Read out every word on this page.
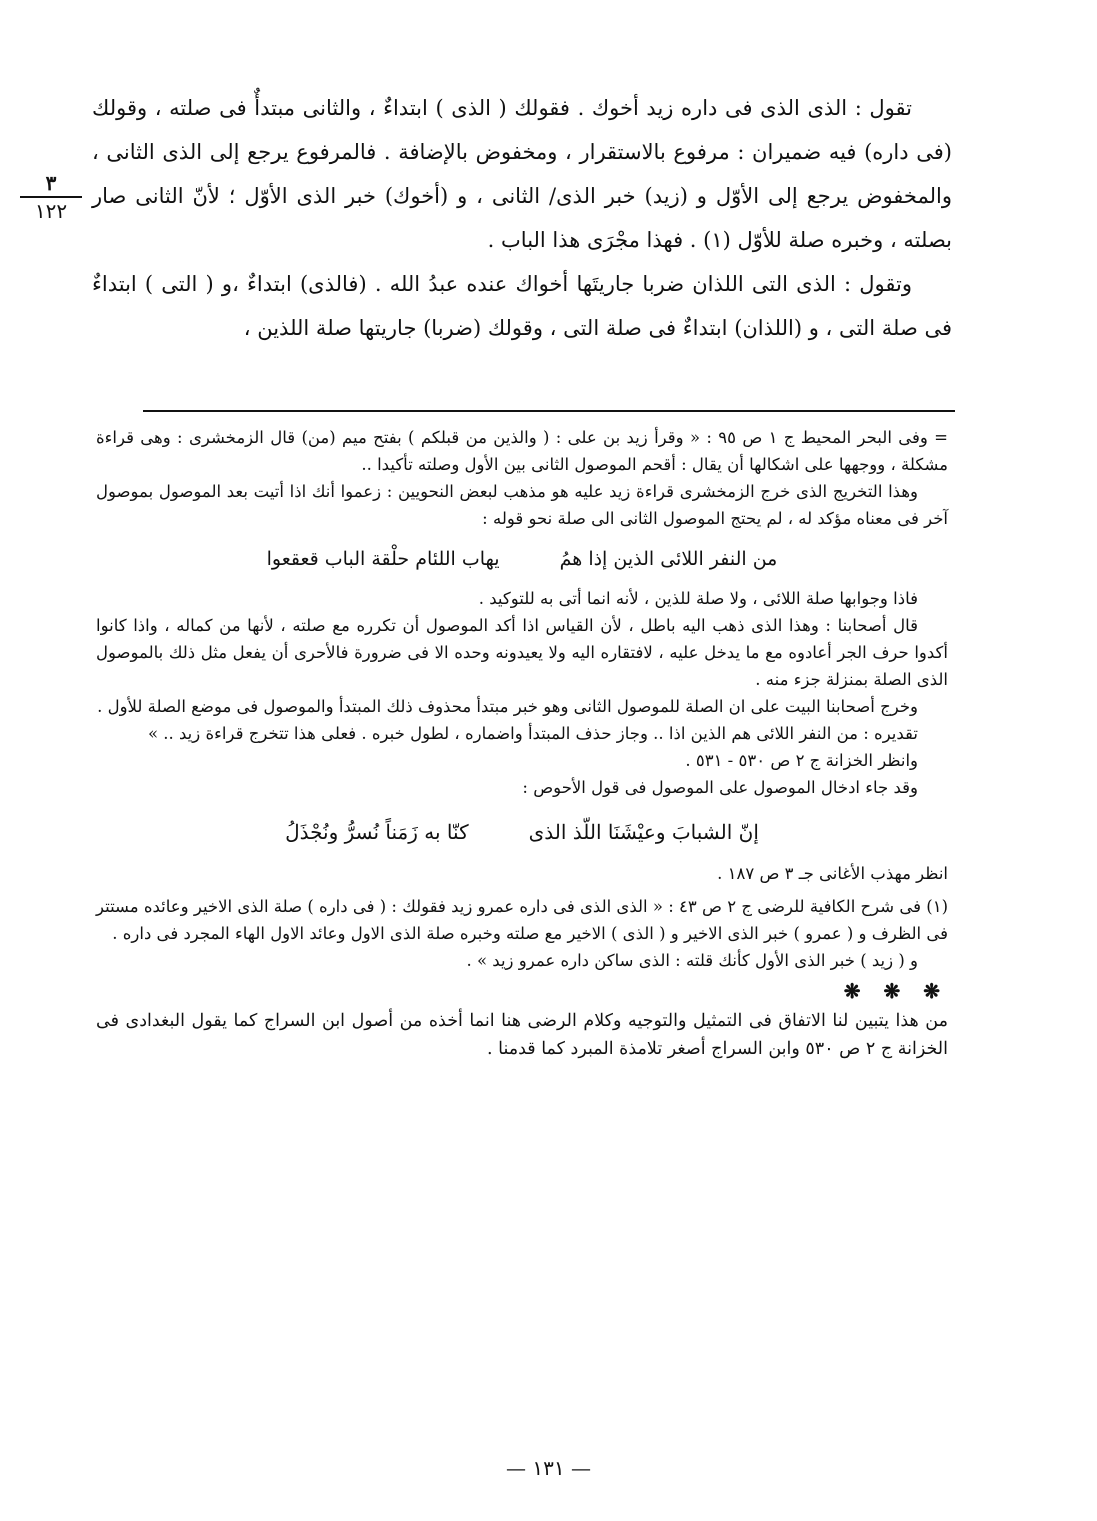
٣
١٢٢

تقول : الذى الذى فى داره زيد أخوك . فقولك ( الذى ) ابتداءٌ ، والثانى مبتدأٌ فى صلته ، وقولك (فى داره) فيه ضميران : مرفوع بالاستقرار ، ومخفوض بالإضافة . فالمرفوع يرجع إلى الذى الثانى ، والمخفوض يرجع إلى الأوّل و (زيد) خبر الذى/ الثانى ، و (أخوك) خبر الذى الأوّل ؛ لأنّ الثانى صار بصلته ، وخبره صلة للأوّل (١) . فهذا مجْرَى هذا الباب .

وتقول : الذى التى اللذان ضربا جاريتَها أخواك عنده عبدُ الله . (فالذى) ابتداءٌ ،و ( التى ) ابتداءٌ فى صلة التى ، و (اللذان) ابتداءٌ فى صلة التى ، وقولك (ضربا) جاريتها صلة اللذين ،

= وفى البحر المحيط ج ١ ص ٩٥ : « وقرأ زيد بن على : ( والذين من قبلكم ) بفتح ميم (من) قال الزمخشرى : وهى قراءة مشكلة ، ووجهها على اشكالها أن يقال : أقحم الموصول الثانى بين الأول وصلته تأكيدا ..

وهذا التخريج الذى خرج الزمخشرى قراءة زيد عليه هو مذهب لبعض النحويين : زعموا أنك اذا أتيت بعد الموصول بموصول آخر فى معناه مؤكد له ، لم يحتج الموصول الثانى الى صلة نحو قوله :

من النفر اللائى الذين إذا همُ
يهاب اللئام حلْقة الباب قعقعوا

فاذا وجوابها صلة اللائى ، ولا صلة للذين ، لأنه انما أتى به للتوكيد .

قال أصحابنا : وهذا الذى ذهب اليه باطل ، لأن القياس اذا أكد الموصول أن تكرره مع صلته ، لأنها من كماله ، واذا كانوا أكدوا حرف الجر أعادوه مع ما يدخل عليه ، لافتقاره اليه ولا يعيدونه وحده الا فى ضرورة فالأحرى أن يفعل مثل ذلك بالموصول الذى الصلة بمنزلة جزء منه .

وخرج أصحابنا البيت على ان الصلة للموصول الثانى وهو خبر مبتدأ محذوف ذلك المبتدأ والموصول فى موضع الصلة للأول .

تقديره : من النفر اللائى هم الذين اذا .. وجاز حذف المبتدأ واضماره ، لطول خبره . فعلى هذا تتخرج قراءة زيد .. »

وانظر الخزانة ج ٢ ص ٥٣٠ - ٥٣١ .

وقد جاء ادخال الموصول على الموصول فى قول الأحوص :

إنّ الشبابَ وعيْشَنَا اللّذ الذى
كنّا به زَمَناً نُسرُّ ونُجْذَلُ

انظر مهذب الأغانى جـ ٣ ص ١٨٧ .

(١) فى شرح الكافية للرضى ج ٢ ص ٤٣ : « الذى الذى فى داره عمرو زيد فقولك : ( فى داره ) صلة الذى الاخير وعائده مستتر فى الظرف و ( عمرو ) خبر الذى الاخير و ( الذى ) الاخير مع صلته وخبره صلة الذى الاول وعائد الاول الهاء المجرد فى داره .

و ( زيد ) خبر الذى الأول كأنك قلته : الذى ساكن داره عمرو زيد » .

❋ ❋ ❋

من هذا يتبين لنا الاتفاق فى التمثيل والتوجيه وكلام الرضى هنا انما أخذه من أصول ابن السراج كما يقول البغدادى فى الخزانة ج ٢ ص ٥٣٠ وابن السراج أصغر تلامذة المبرد كما قدمنا .

— ١٣١ —
